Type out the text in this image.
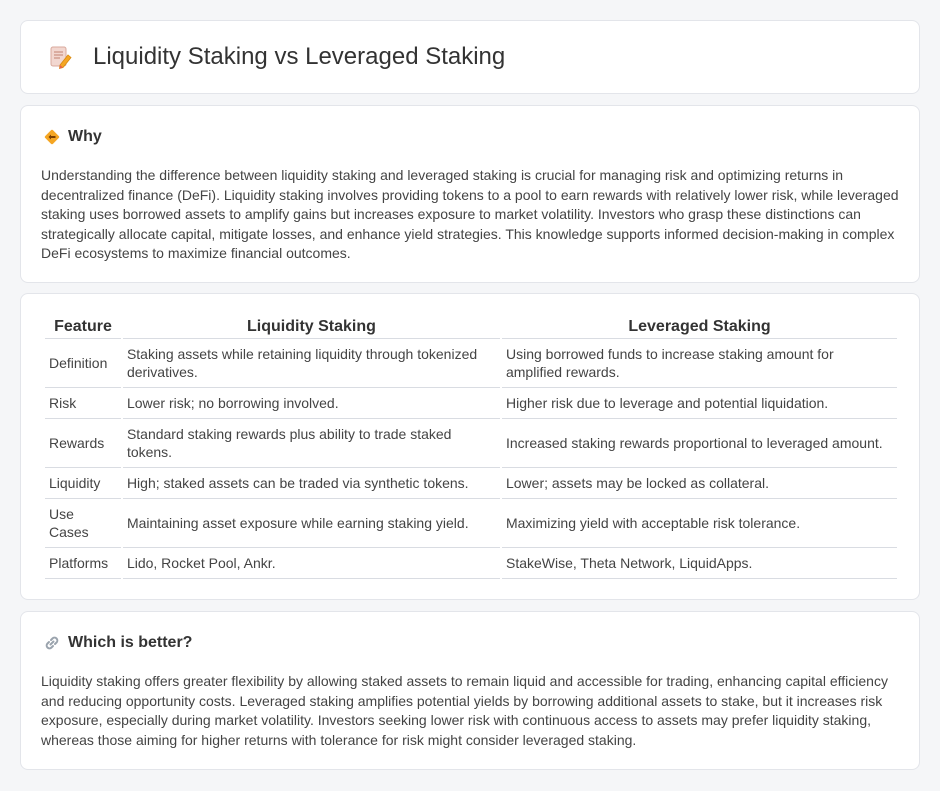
Liquidity Staking vs Leveraged Staking
Why

Understanding the difference between liquidity staking and leveraged staking is crucial for managing risk and optimizing returns in decentralized finance (DeFi). Liquidity staking involves providing tokens to a pool to earn rewards with relatively lower risk, while leveraged staking uses borrowed assets to amplify gains but increases exposure to market volatility. Investors who grasp these distinctions can strategically allocate capital, mitigate losses, and enhance yield strategies. This knowledge supports informed decision-making in complex DeFi ecosystems to maximize financial outcomes.

Feature	Liquidity Staking	Leveraged Staking
Definition	Staking assets while retaining liquidity through tokenized derivatives.	Using borrowed funds to increase staking amount for amplified rewards.
Risk	Lower risk; no borrowing involved.	Higher risk due to leverage and potential liquidation.
Rewards	Standard staking rewards plus ability to trade staked tokens.	Increased staking rewards proportional to leveraged amount.
Liquidity	High; staked assets can be traded via synthetic tokens.	Lower; assets may be locked as collateral.
Use Cases	Maintaining asset exposure while earning staking yield.	Maximizing yield with acceptable risk tolerance.
Platforms	Lido, Rocket Pool, Ankr.	StakeWise, Theta Network, LiquidApps.
Which is better?

Liquidity staking offers greater flexibility by allowing staked assets to remain liquid and accessible for trading, enhancing capital efficiency and reducing opportunity costs. Leveraged staking amplifies potential yields by borrowing additional assets to stake, but it increases risk exposure, especially during market volatility. Investors seeking lower risk with continuous access to assets may prefer liquidity staking, whereas those aiming for higher returns with tolerance for risk might consider leveraged staking.
